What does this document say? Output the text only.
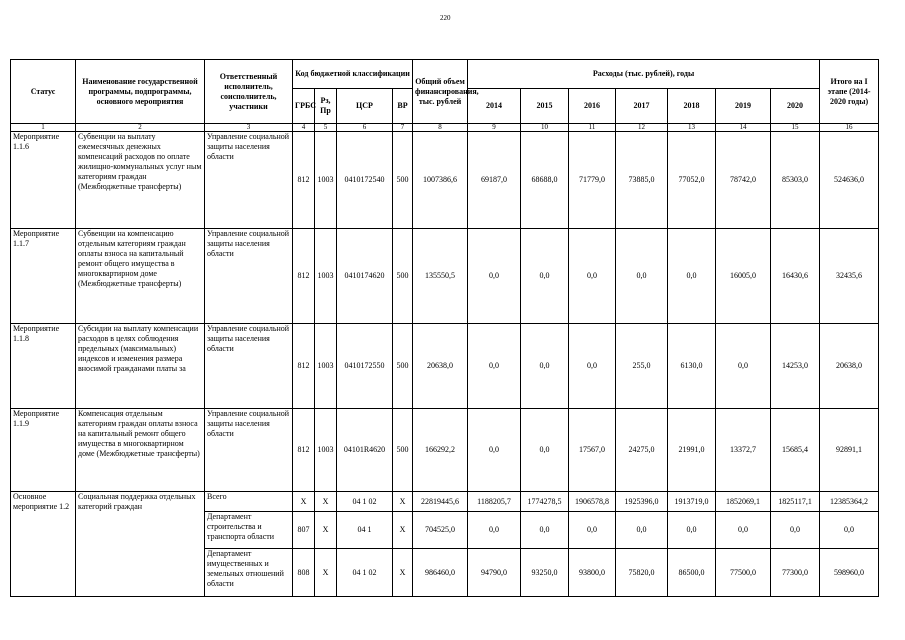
220
Статус	Наименование государственной программы, подпрограммы, основного мероприятия	Ответственный исполнитель, соисполнитель, участники	Код бюджетной классификации				Общий объем финансирования, тыс. рублей	Расходы (тыс. рублей), годы							Итого на I этапе (2014-2020 годы)
			ГРБС	Рз, Пр	ЦСР	ВР		2014	2015	2016	2017	2018	2019	2020	
1	2	3	4	5	6	7	8	9	10	11	12	13	14	15	16
Мероприятие 1.1.6	Субвенции на выплату ежемесячных денежных компенсаций расходов по оплате жилищно-коммунальных услуг ным категориям граждан (Межбюджетные трансферты)	Управление социальной защиты населения области	812	1003	0410172540	500	1007386,6	69187,0	68688,0	71779,0	73885,0	77052,0	78742,0	85303,0	524636,0
Мероприятие 1.1.7	Субвенции на компенсацию отдельным категориям граждан оплаты взноса на капитальный ремонт общего имущества в многоквартирном доме (Межбюджетные трансферты)	Управление социальной защиты населения области	812	1003	0410174620	500	135550,5	0,0	0,0	0,0	0,0	0,0	16005,0	16430,6	32435,6
Мероприятие 1.1.8	Субсидии на выплату компенсации расходов в целях соблюдения предельных (максимальных) индексов и изменения размера вносимой гражданами платы за	Управление социальной защиты населения области	812	1003	0410172550	500	20638,0	0,0	0,0	0,0	255,0	6130,0	0,0	14253,0	20638,0
Мероприятие 1.1.9	Компенсация отдельным категориям граждан оплаты взноса на капитальный ремонт общего имущества в многоквартирном доме (Межбюджетные трансферты)	Управление социальной защиты населения области	812	1003	04101R4620	500	166292,2	0,0	0,0	17567,0	24275,0	21991,0	13372,7	15685,4	92891,1
Основное мероприятие 1.2	Социальная поддержка отдельных категорий граждан	Всего	X	X	04 1 02	X	22819445,6	1188205,7	1774278,5	1906578,8	1925396,0	1913719,0	1852069,1	1825117,1	12385364,2
		Департамент строительства и транспорта области	807	X	04 1	X	704525,0	0,0	0,0	0,0	0,0	0,0	0,0	0,0	0,0
		Департамент имущественных и земельных отношений области	808	X	04 1 02	X	986460,0	94790,0	93250,0	93800,0	75820,0	86500,0	77500,0	77300,0	598960,0
